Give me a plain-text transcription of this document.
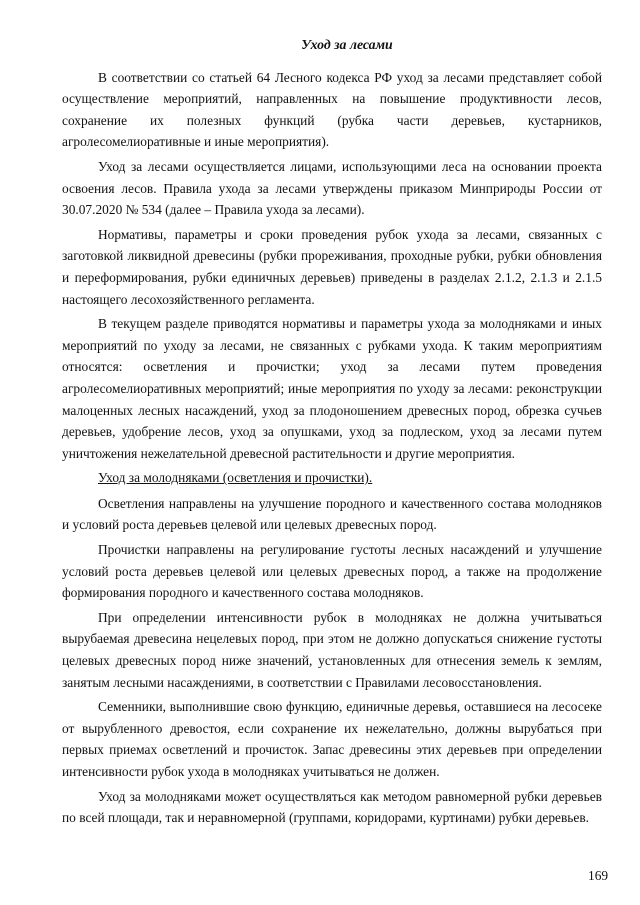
Уход за лесами

В соответствии со статьей 64 Лесного кодекса РФ уход за лесами представляет собой осуществление мероприятий, направленных на повышение продуктивности лесов, сохранение их полезных функций (рубка части деревьев, кустарников, агролесомелиоративные и иные мероприятия).

Уход за лесами осуществляется лицами, использующими леса на основании проекта освоения лесов. Правила ухода за лесами утверждены приказом Минприроды России от 30.07.2020 № 534 (далее – Правила ухода за лесами).

Нормативы, параметры и сроки проведения рубок ухода за лесами, связанных с заготовкой ликвидной древесины (рубки прореживания, проходные рубки, рубки обновления и переформирования, рубки единичных деревьев) приведены в разделах 2.1.2, 2.1.3 и 2.1.5 настоящего лесохозяйственного регламента.

В текущем разделе приводятся нормативы и параметры ухода за молодняками и иных мероприятий по уходу за лесами, не связанных с рубками ухода. К таким мероприятиям относятся: осветления и прочистки; уход за лесами путем проведения агролесомелиоративных мероприятий; иные мероприятия по уходу за лесами: реконструкции малоценных лесных насаждений, уход за плодоношением древесных пород, обрезка сучьев деревьев, удобрение лесов, уход за опушками, уход за подлеском, уход за лесами путем уничтожения нежелательной древесной растительности и другие мероприятия.

Уход за молодняками (осветления и прочистки).

Осветления направлены на улучшение породного и качественного состава молодняков и условий роста деревьев целевой или целевых древесных пород.

Прочистки направлены на регулирование густоты лесных насаждений и улучшение условий роста деревьев целевой или целевых древесных пород, а также на продолжение формирования породного и качественного состава молодняков.

При определении интенсивности рубок в молодняках не должна учитываться вырубаемая древесина нецелевых пород, при этом не должно допускаться снижение густоты целевых древесных пород ниже значений, установленных для отнесения земель к землям, занятым лесными насаждениями, в соответствии с Правилами лесовосстановления.

Семенники, выполнившие свою функцию, единичные деревья, оставшиеся на лесосеке от вырубленного древостоя, если сохранение их нежелательно, должны вырубаться при первых приемах осветлений и прочисток. Запас древесины этих деревьев при определении интенсивности рубок ухода в молодняках учитываться не должен.

Уход за молодняками может осуществляться как методом равномерной рубки деревьев по всей площади, так и неравномерной (группами, коридорами, куртинами) рубки деревьев.

169
